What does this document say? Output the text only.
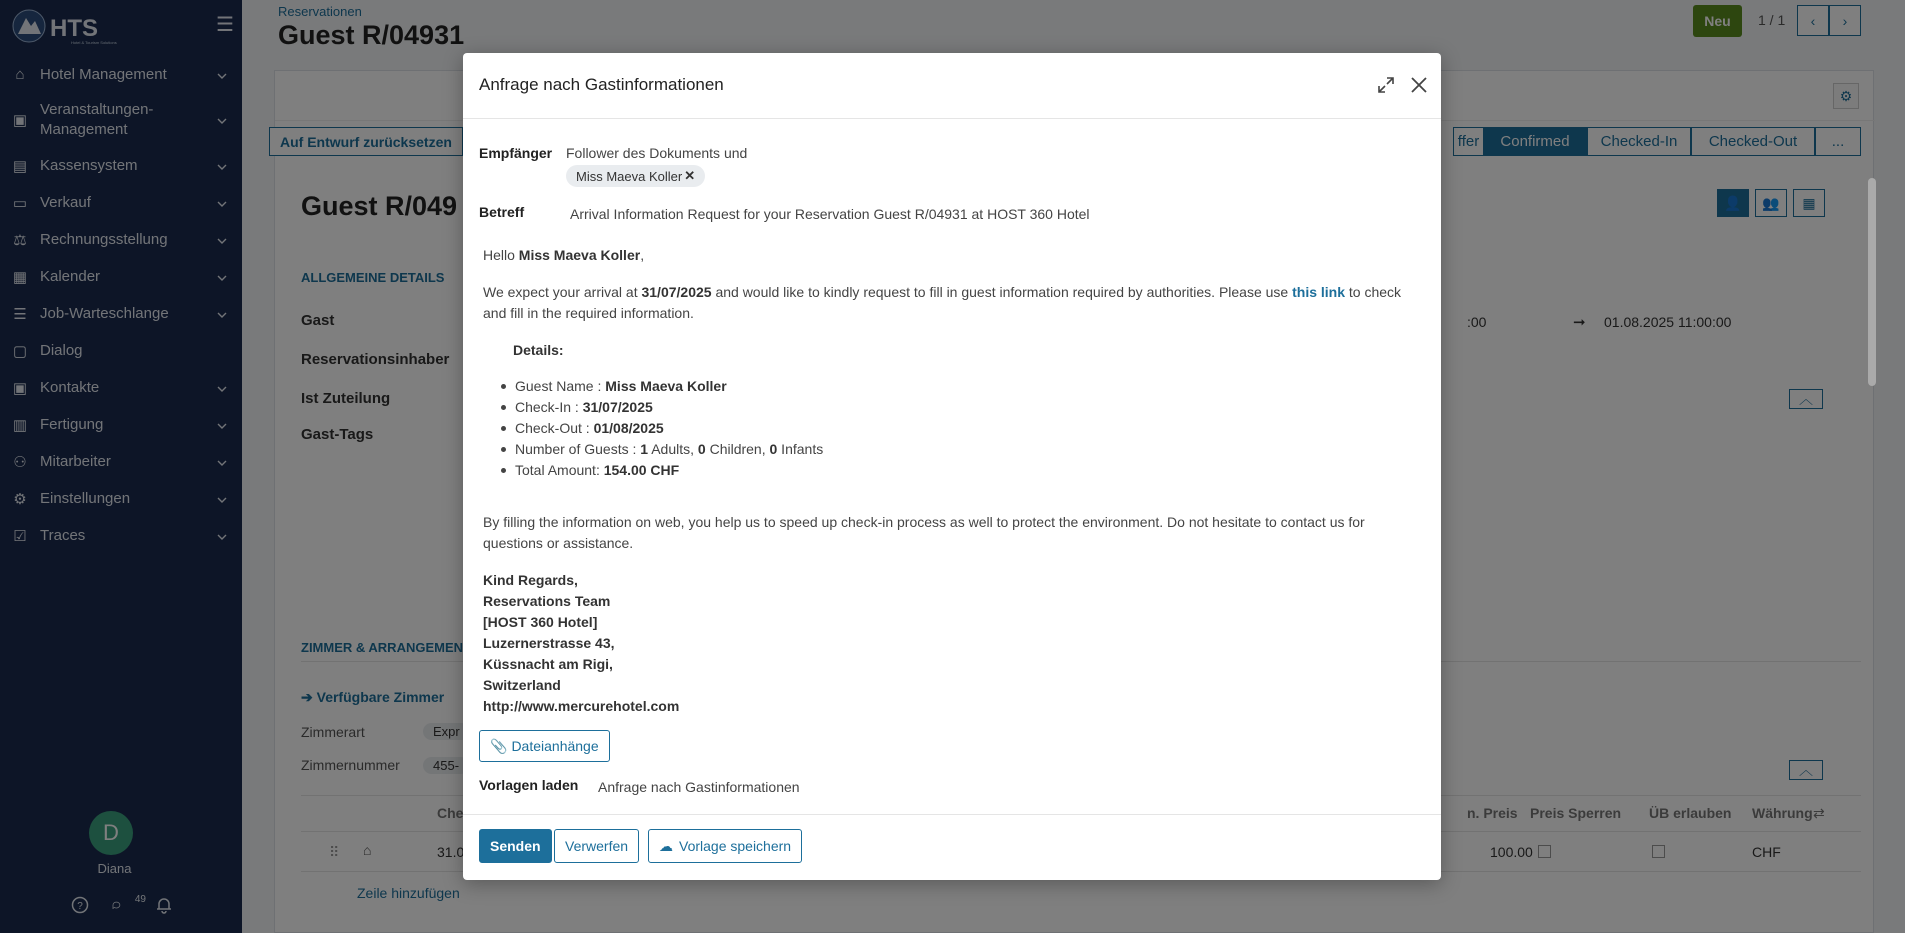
Anfrage nach Gastinformationen
Empfänger Follower des Dokuments und
Miss Maeva Koller ✕
Betreff	Arrival Information Request for your Reservation Guest R/04931 at HOST 360 Hotel
Hello Miss Maeva Koller,
We expect your arrival at 31/07/2025 and would like to kindly request to fill in guest information required by authorities. Please use this link to check and fill in the required information.
Details:
Guest Name : Miss Maeva Koller
Check-In : 31/07/2025
Check-Out : 01/08/2025
Number of Guests : 1 Adults, 0 Children, 0 Infants
Total Amount: 154.00 CHF
By filling the information on web, you help us to speed up check-in process as well to protect the environment. Do not hesitate to contact us for questions or assistance.
Kind Regards,
Reservations Team
[HOST 360 Hotel]
Luzernerstrasse 43,
Küssnacht am Rigi,
Switzerland
http://www.mercurehotel.com
📎 Dateianhänge
Vorlagen laden Anfrage nach Gastinformationen
Senden	Verwerfen	☁ Vorlage speichern
